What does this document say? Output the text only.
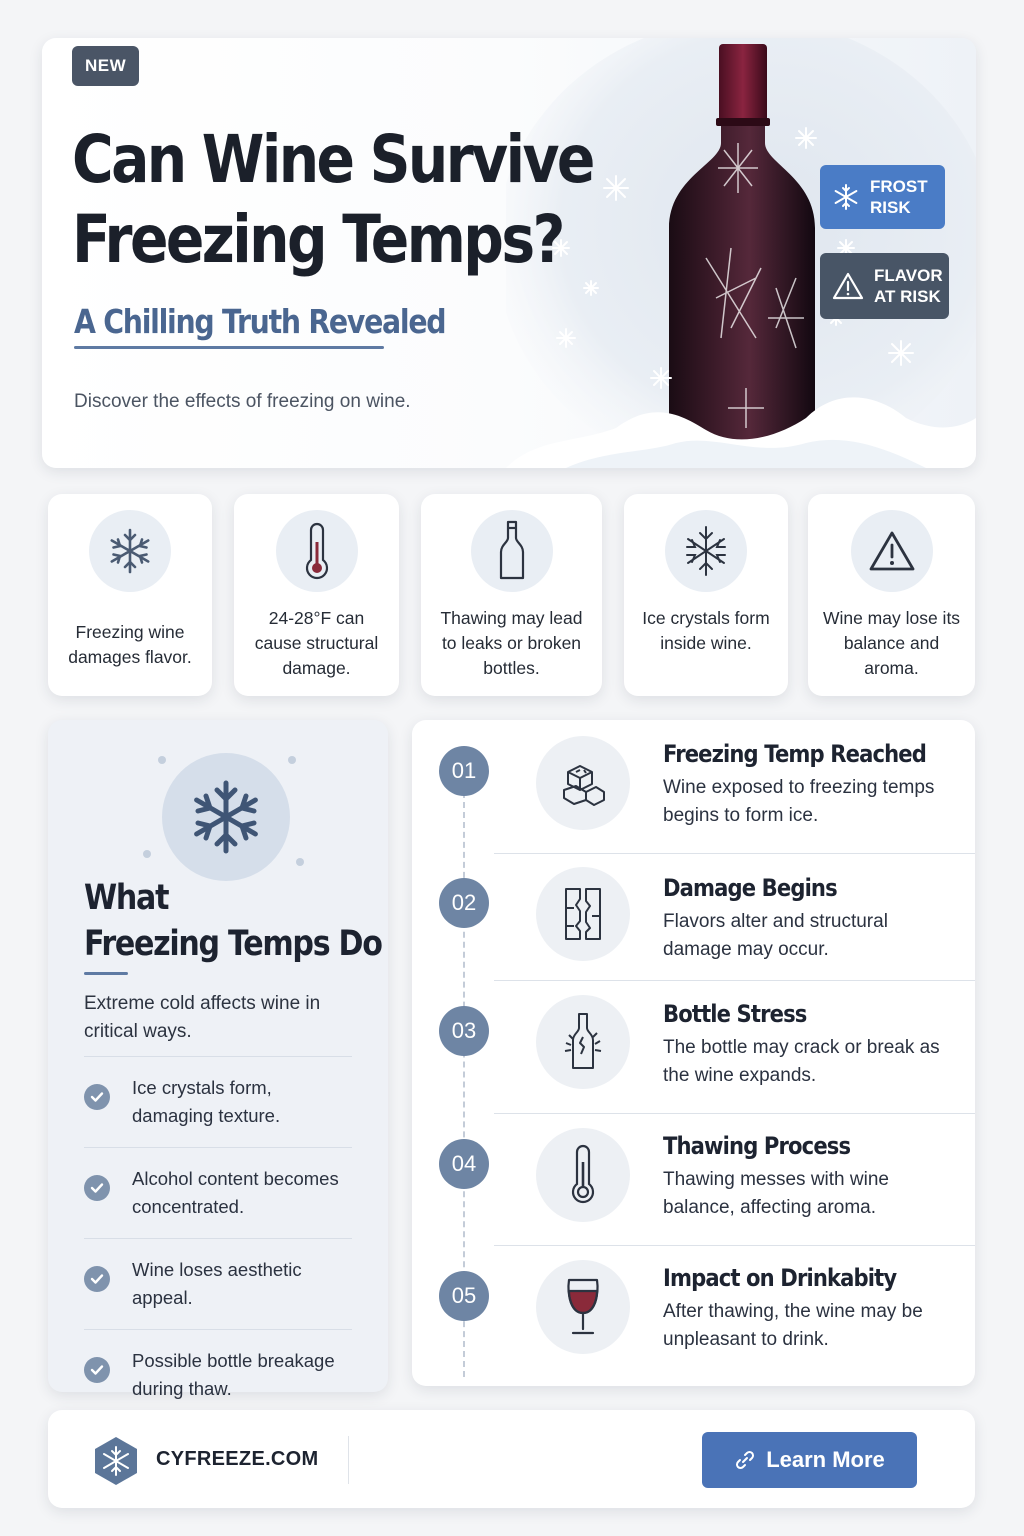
NEW
Can Wine Survive
Freezing Temps?
A Chilling Truth Revealed

Discover the effects of freezing on wine.

FROST
RISK
FLAVOR
AT RISK
Freezing wine damages flavor.
24-28°F can cause structural damage.
Thawing may lead to leaks or broken bottles.
Ice crystals form inside wine.
Wine may lose its balance and aroma.
What
Freezing Temps Do

Extreme cold affects wine in critical ways.

Ice crystals form, damaging texture.
Alcohol content becomes concentrated.
Wine loses aesthetic appeal.
Possible bottle breakage during thaw.
01
Freezing Temp Reached
Wine exposed to freezing temps begins to form ice.
02
Damage Begins
Flavors alter and structural damage may occur.
03
Bottle Stress
The bottle may crack or break as the wine expands.
04
Thawing Process
Thawing messes with wine balance, affecting aroma.
05
Impact on Drinkabity
After thawing, the wine may be unpleasant to drink.
CYFREEZE.COM	Learn More
